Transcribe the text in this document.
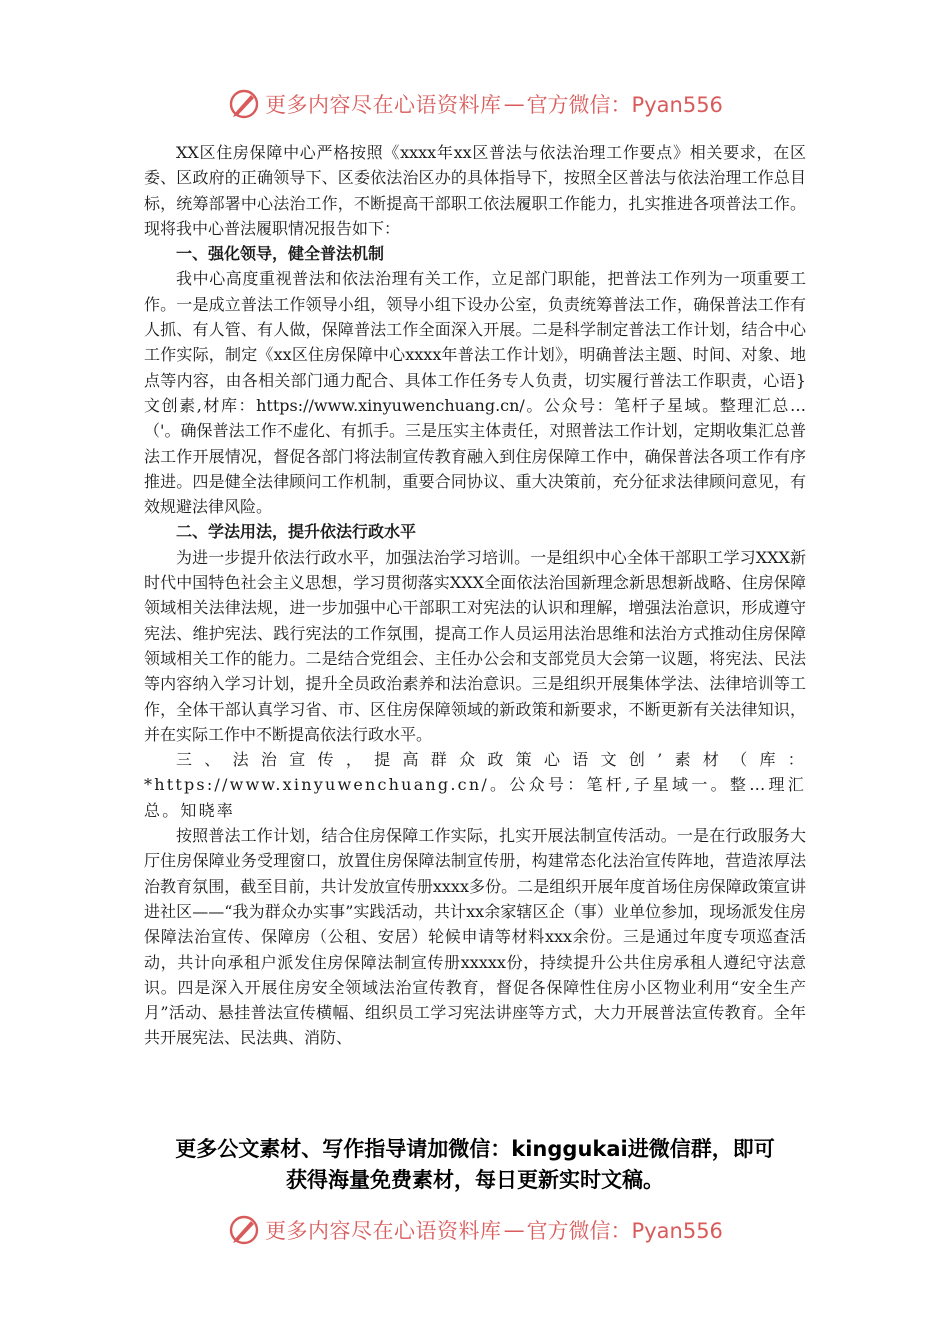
更多内容尽在心语资料库 — 官方微信：Pyan556

XX区住房保障中心严格按照《xxxx年xx区普法与依法治理工作要点》相关要求，在区委、区政府的正确领导下、区委依法治区办的具体指导下，按照全区普法与依法治理工作总目标，统筹部署中心法治工作，不断提高干部职工依法履职工作能力，扎实推进各项普法工作。现将我中心普法履职情况报告如下：

一、强化领导，健全普法机制

我中心高度重视普法和依法治理有关工作，立足部门职能，把普法工作列为一项重要工作。一是成立普法工作领导小组，领导小组下设办公室，负责统筹普法工作，确保普法工作有人抓、有人管、有人做，保障普法工作全面深入开展。二是科学制定普法工作计划，结合中心工作实际，制定《xx区住房保障中心xxxx年普法工作计划》，明确普法主题、时间、对象、地点等内容，由各相关部门通力配合、具体工作任务专人负责，切实履行普法工作职责，心语}文创素,材库：https://www.xinyuwenchuang.cn/。公众号：笔杆子星域。整理汇总…（'。确保普法工作不虚化、有抓手。三是压实主体责任，对照普法工作计划，定期收集汇总普法工作开展情况，督促各部门将法制宣传教育融入到住房保障工作中，确保普法各项工作有序推进。四是健全法律顾问工作机制，重要合同协议、重大决策前，充分征求法律顾问意见，有效规避法律风险。

二、学法用法，提升依法行政水平

为进一步提升依法行政水平，加强法治学习培训。一是组织中心全体干部职工学习XXX新时代中国特色社会主义思想，学习贯彻落实XXX全面依法治国新理念新思想新战略、住房保障领域相关法律法规，进一步加强中心干部职工对宪法的认识和理解，增强法治意识，形成遵守宪法、维护宪法、践行宪法的工作氛围，提高工作人员运用法治思维和法治方式推动住房保障领域相关工作的能力。二是结合党组会、主任办公会和支部党员大会第一议题，将宪法、民法等内容纳入学习计划，提升全员政治素养和法治意识。三是组织开展集体学法、法律培训等工作，全体干部认真学习省、市、区住房保障领域的新政策和新要求，不断更新有关法律知识，并在实际工作中不断提高依法行政水平。

三、法治宣传，提高群众政策心语文创’素材（库：*https://www.xinyuwenchuang.cn/。公众号：笔杆,子星域一。整…理汇总。知晓率

按照普法工作计划，结合住房保障工作实际，扎实开展法制宣传活动。一是在行政服务大厅住房保障业务受理窗口，放置住房保障法制宣传册，构建常态化法治宣传阵地，营造浓厚法治教育氛围，截至目前，共计发放宣传册xxxx多份。二是组织开展年度首场住房保障政策宣讲进社区——“我为群众办实事”实践活动，共计xx余家辖区企（事）业单位参加，现场派发住房保障法治宣传、保障房（公租、安居）轮候申请等材料xxx余份。三是通过年度专项巡查活动，共计向承租户派发住房保障法制宣传册xxxxx份，持续提升公共住房承租人遵纪守法意识。四是深入开展住房安全领域法治宣传教育，督促各保障性住房小区物业利用“安全生产月”活动、悬挂普法宣传横幅、组织员工学习宪法讲座等方式，大力开展普法宣传教育。全年共开展宪法、民法典、消防、

更多公文素材、写作指导请加微信：kinggukai进微信群，即可
获得海量免费素材，每日更新实时文稿。
更多内容尽在心语资料库 — 官方微信：Pyan556
